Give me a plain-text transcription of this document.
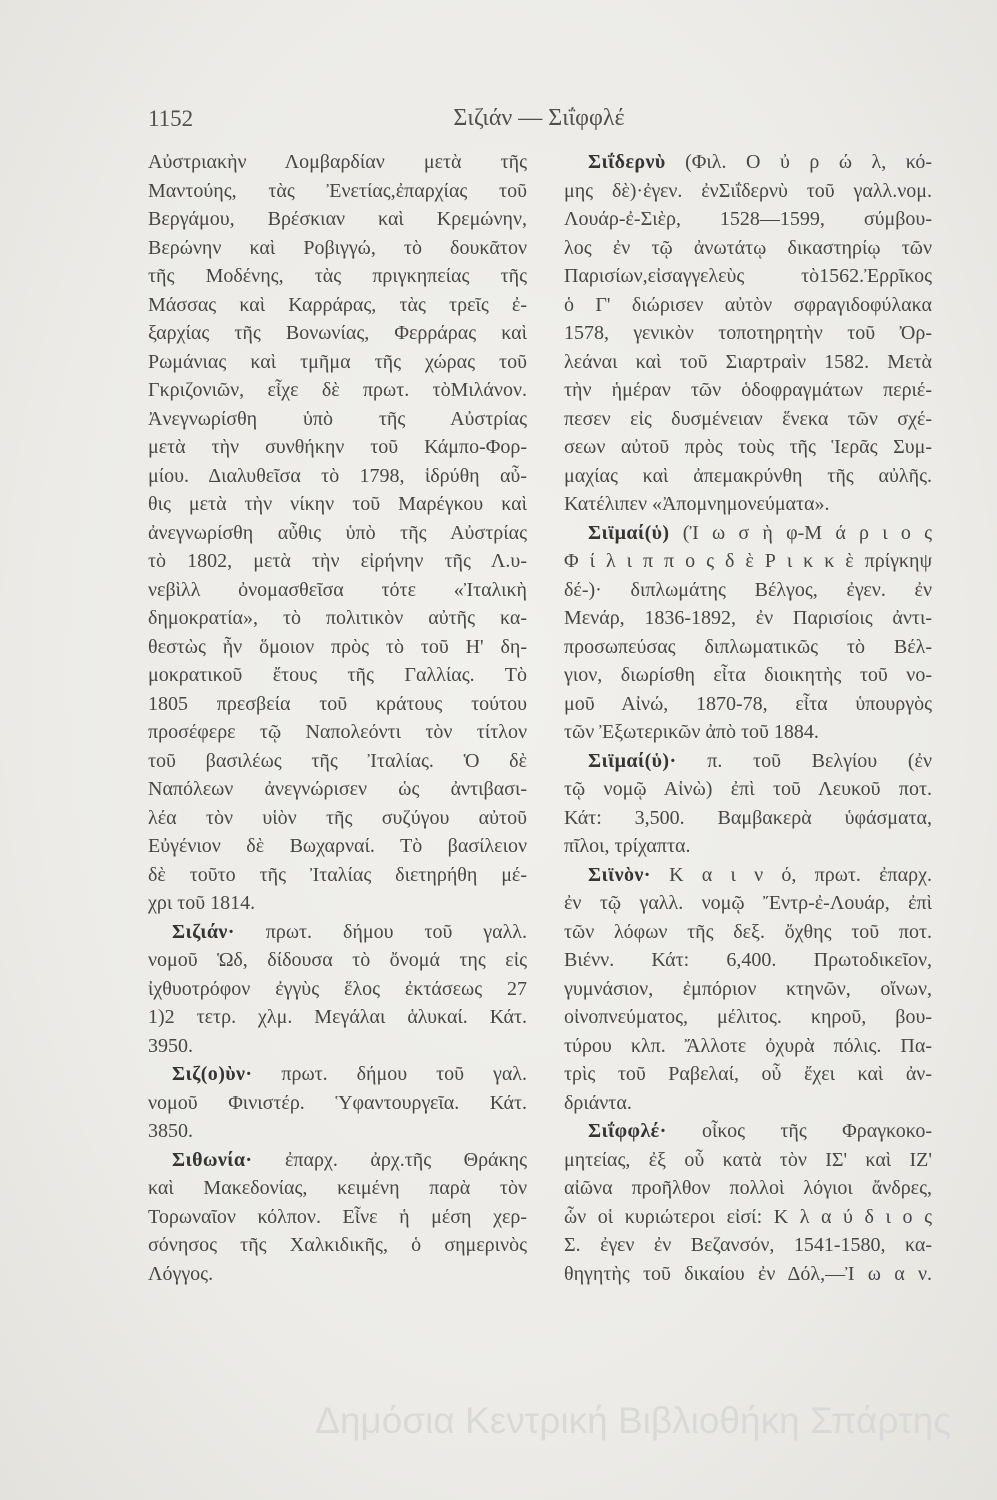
1152	Σιζιάν — Σιΐφφλέ
Αὐστριακὴν Λομβαρδίαν μετὰ τῆς
Μαντούης, τὰς Ἐνετίας,ἐπαρχίας τοῦ
Βεργάμου, Βρέσκιαν καὶ Κρεμώνην,
Βερώνην καὶ Ροβιγγώ, τὸ δουκᾶτον
τῆς Μοδένης, τὰς πριγκηπείας τῆς
Μάσσας καὶ Καρράρας, τὰς τρεῖς ἐ-
ξαρχίας τῆς Βονωνίας, Φερράρας καὶ
Ρωμάνιας καὶ τμῆμα τῆς χώρας τοῦ
Γκριζονιῶν, εἶχε δὲ πρωτ. τὸΜιλάνον.
Ἀνεγνωρίσθη ὑπὸ τῆς Αὐστρίας
μετὰ τὴν συνθήκην τοῦ Κάμπο-Φορ-
μίου. Διαλυθεῖσα τὸ 1798, ἱδρύθη αὖ-
θις μετὰ τὴν νίκην τοῦ Μαρέγκου καὶ
ἀνεγνωρίσθη αὖθις ὑπὸ τῆς Αὐστρίας
τὸ 1802, μετὰ τὴν εἰρήνην τῆς Λ.υ-
νεβὶλλ ὀνομασθεῖσα τότε «Ἰταλικὴ
δημοκρατία», τὸ πολιτικὸν αὐτῆς κα-
θεστὼς ἦν ὅμοιον πρὸς τὸ τοῦ Η' δη-
μοκρατικοῦ ἔτους τῆς Γαλλίας. Τὸ
1805 πρεσβεία τοῦ κράτους τούτου
προσέφερε τῷ Ναπολεόντι τὸν τίτλον
τοῦ βασιλέως τῆς Ἰταλίας. Ὁ δὲ
Ναπόλεων ἀνεγνώρισεν ὡς ἀντιβασι-
λέα τὸν υἱὸν τῆς συζύγου αὐτοῦ
Εὐγένιον δὲ Βωχαρναί. Τὸ βασίλειον
δὲ τοῦτο τῆς Ἰταλίας διετηρήθη μέ-
χρι τοῦ 1814.
Σιζιάν· πρωτ. δήμου τοῦ γαλλ.
νομοῦ Ὡδ, δίδουσα τὸ ὄνομά της εἰς
ἰχθυοτρόφον ἐγγὺς ἕλος ἐκτάσεως 27
1)2 τετρ. χλμ. Μεγάλαι ἁλυκαί. Κάτ.
3950.
Σιζ(ο)ὺν· πρωτ. δήμου τοῦ γαλ.
νομοῦ Φινιστέρ. Ὑφαντουργεῖα. Κάτ.
3850.
Σιθωνία· ἐπαρχ. ἀρχ.τῆς Θράκης
καὶ Μακεδονίας, κειμένη παρὰ τὸν
Τορωναῖον κόλπον. Εἶνε ἡ μέση χερ-
σόνησος τῆς Χαλκιδικῆς, ὁ σημερινὸς
Λόγγος.
Σιΐδερνὺ (Φιλ. Ο ὐ ρ ώ λ, κό-
μης δὲ)·ἐγεν. ἐνΣιΐδερνὺ τοῦ γαλλ.νομ.
Λουάρ-ἐ-Σιὲρ, 1528—1599, σύμβου-
λος ἐν τῷ ἀνωτάτῳ δικαστηρίῳ τῶν
Παρισίων,εἰσαγγελεὺς τὸ1562.Ἐρρῖκος
ὁ Γ' διώρισεν αὐτὸν σφραγιδοφύλακα
1578, γενικὸν τοποτηρητὴν τοῦ Ὀρ-
λεάναι καὶ τοῦ Σιαρτραὶν 1582. Μετὰ
τὴν ἡμέραν τῶν ὁδοφραγμάτων περιέ-
πεσεν εἰς δυσμένειαν ἕνεκα τῶν σχέ-
σεων αὐτοῦ πρὸς τοὺς τῆς Ἱερᾶς Συμ-
μαχίας καὶ ἀπεμακρύνθη τῆς αὐλῆς.
Κατέλιπεν «Ἀπομνημονεύματα».
Σιϊμαί(ὑ) (Ἰ ω σ ὴ φ-Μ ά ρ ι ο ς
Φ ί λ ι π π ο ς δ ὲ Ρ ι κ κ ὲ πρίγκηψ
δέ-)· διπλωμάτης Βέλγος, ἐγεν. ἐν
Μενάρ, 1836-1892, ἐν Παρισίοις ἀντι-
προσωπεύσας διπλωματικῶς τὸ Βέλ-
γιον, διωρίσθη εἶτα διοικητὴς τοῦ νο-
μοῦ Αἰνώ, 1870-78, εἶτα ὑπουργὸς
τῶν Ἐξωτερικῶν ἀπὸ τοῦ 1884.
Σιϊμαί(ὑ)· π. τοῦ Βελγίου (ἐν
τῷ νομῷ Αἰνὼ) ἐπὶ τοῦ Λευκοῦ ποτ.
Κάτ: 3,500. Βαμβακερὰ ὑφάσματα,
πῖλοι, τρίχαπτα.
Σιϊνὸν· Κ α ι ν ό, πρωτ. ἐπαρχ.
ἐν τῷ γαλλ. νομῷ Ἔντρ-ἐ-Λουάρ, ἐπὶ
τῶν λόφων τῆς δεξ. ὄχθης τοῦ ποτ.
Βιένν. Κάτ: 6,400. Πρωτοδικεῖον,
γυμνάσιον, ἐμπόριον κτηνῶν, οἴνων,
οἰνοπνεύματος, μέλιτος. κηροῦ, βου-
τύρου κλπ. Ἄλλοτε ὀχυρὰ πόλις. Πα-
τρὶς τοῦ Ραβελαί, οὗ ἔχει καὶ ἀν-
δριάντα.
Σιΐφφλέ· οἶκος τῆς Φραγκοκο-
μητείας, ἐξ οὗ κατὰ τὸν ΙΣ' καὶ ΙΖ'
αἰῶνα προῆλθον πολλοὶ λόγιοι ἄνδρες,
ὧν οἱ κυριώτεροι εἰσί: Κ λ α ύ δ ι ο ς
Σ. ἐγεν ἐν Βεζανσόν, 1541-1580, κα-
θηγητὴς τοῦ δικαίου ἐν Δόλ,—Ἰ ω α ν.
Δημόσια Κεντρική Βιβλιοθήκη Σπάρτης
